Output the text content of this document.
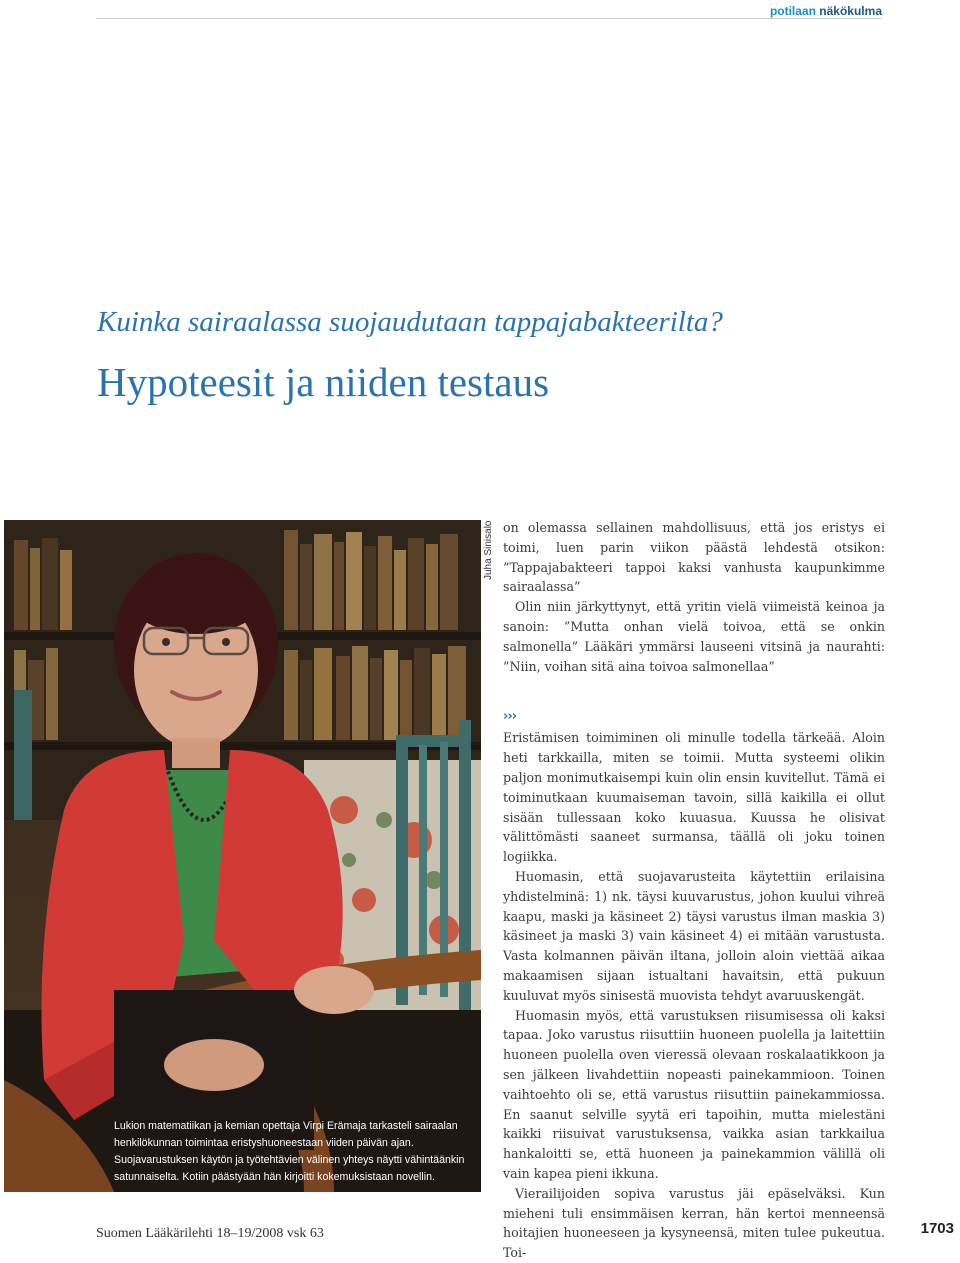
potilaan näkökulma
Kuinka sairaalassa suojaudutaan tappajabakteerilta?
Hypoteesit ja niiden testaus
Juha Sinisalo
Lukion matematiikan ja kemian opettaja Virpi Erämaja tarkasteli sairaalan henkilökunnan toimintaa eristyshuoneestaan viiden päivän ajan. Suojavarustuksen käytön ja työtehtävien välinen yhteys näytti vähintäänkin satunnaiselta. Kotiin päästyään hän kirjoitti kokemuksistaan novellin.

on olemassa sellainen mahdollisuus, että jos eristys ei toimi, luen parin viikon päästä lehdestä otsikon: ”Tappajabakteeri tappoi kaksi vanhusta kaupunkimme sairaalassa”

Olin niin järkyttynyt, että yritin vielä viimeistä keinoa ja sanoin: ”Mutta onhan vielä toivoa, että se onkin salmonella” Lääkäri ymmärsi lauseeni vitsinä ja naurahti: ”Niin, voihan sitä aina toivoa salmonellaa”

›››

Eristämisen toimiminen oli minulle todella tärkeää. Aloin heti tarkkailla, miten se toimii. Mutta systeemi olikin paljon monimutkaisempi kuin olin ensin kuvitellut. Tämä ei toiminutkaan kuumaiseman tavoin, sillä kaikilla ei ollut sisään tullessaan koko kuuasua. Kuussa he olisivat välittömästi saaneet surmansa, täällä oli joku toinen logiikka.

Huomasin, että suojavarusteita käytettiin erilaisina yhdistelminä: 1) nk. täysi kuuvarustus, johon kuului vihreä kaapu, maski ja käsineet 2) täysi varustus ilman maskia 3) käsineet ja maski 3) vain käsineet 4) ei mitään varustusta. Vasta kolmannen päivän iltana, jolloin aloin viettää aikaa makaamisen sijaan istualtani havaitsin, että pukuun kuuluvat myös sinisestä muovista tehdyt avaruuskengät.

Huomasin myös, että varustuksen riisumisessa oli kaksi tapaa. Joko varustus riisuttiin huoneen puolella ja laitettiin huoneen puolella oven vieressä olevaan roskalaatikkoon ja sen jälkeen livahdettiin nopeasti painekammioon. Toinen vaihtoehto oli se, että varustus riisuttiin painekammiossa. En saanut selville syytä eri tapoihin, mutta mielestäni kaikki riisuivat varustuksensa, vaikka asian tarkkailua hankaloitti se, että huoneen ja painekammion välillä oli vain kapea pieni ikkuna.

Vierailijoiden sopiva varustus jäi epäselväksi. Kun mieheni tuli ensimmäisen kerran, hän kertoi menneensä hoitajien huoneeseen ja kysyneensä, miten tulee pukeutua. Toi-

Suomen Lääkärilehti 18–19/2008 vsk 63	1703
